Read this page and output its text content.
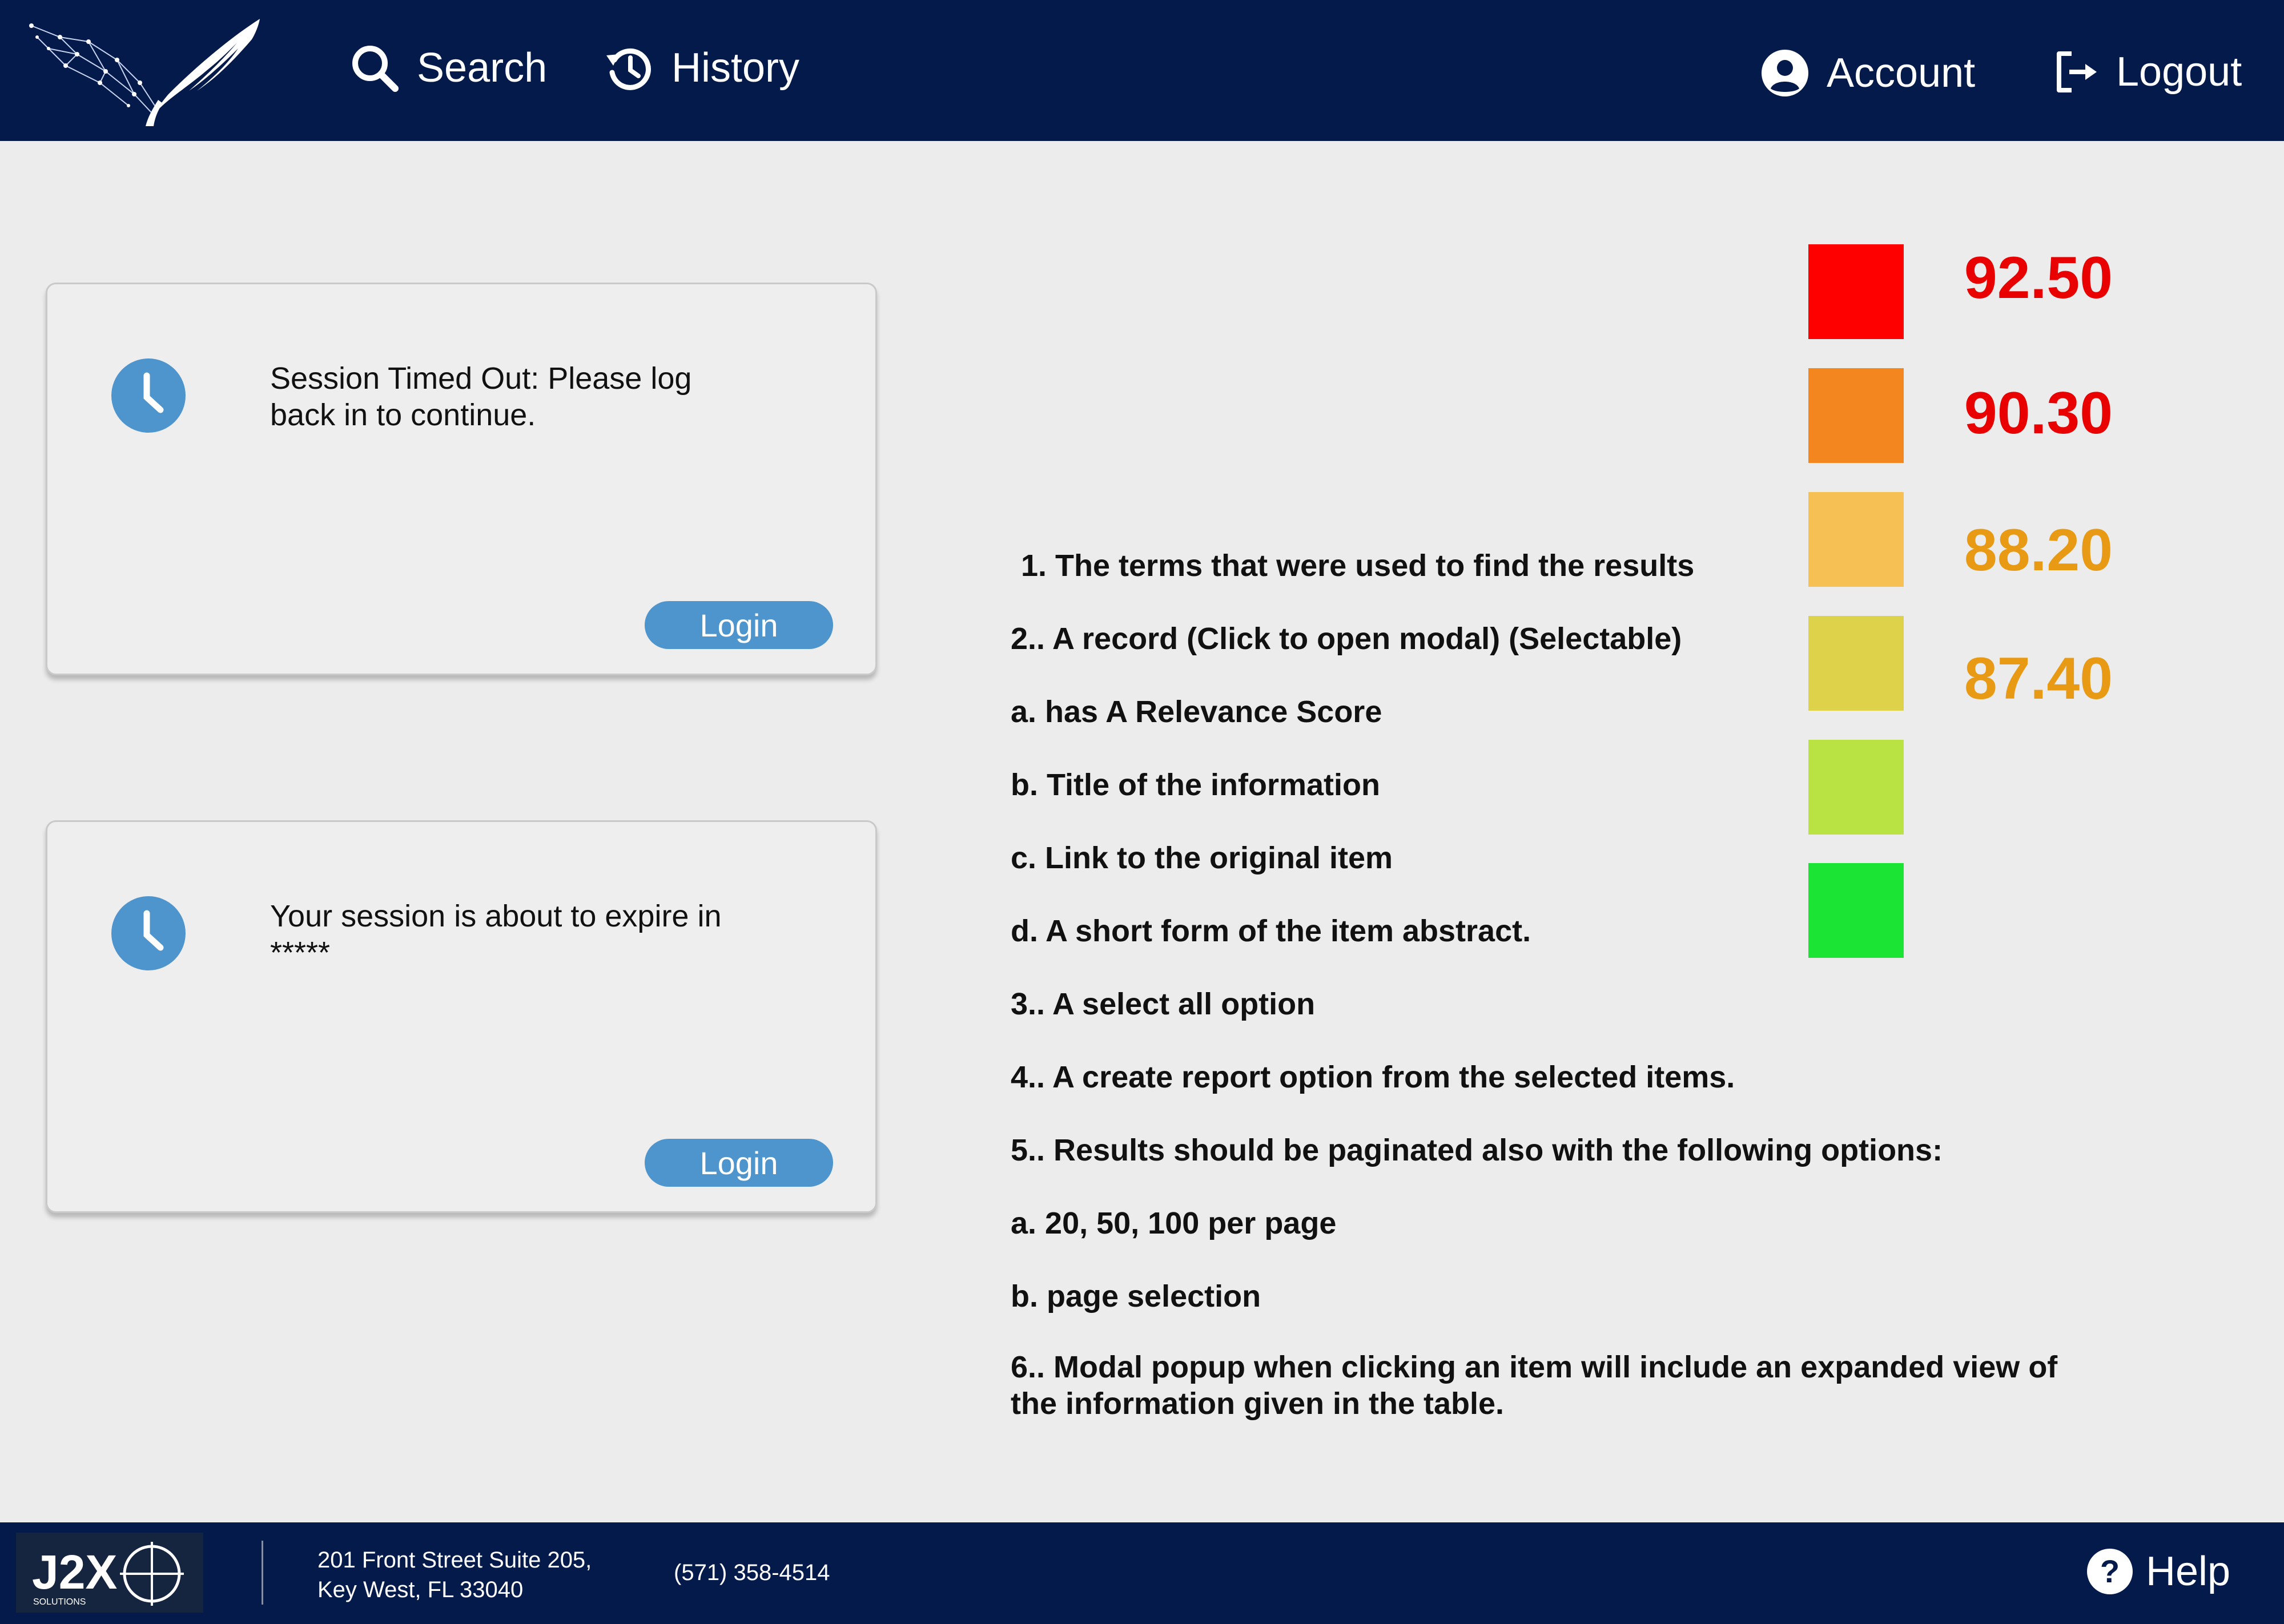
Search	History	Account	Logout
Session Timed Out: Please log
back in to continue.
Login
Your session is about to expire in
*****
Login
1. The terms that were used to find the results
2.. A record (Click to open modal) (Selectable)
a. has A Relevance Score
b. Title of the information
c. Link to the original item
d. A short form of the item abstract.
3.. A select all option
4.. A create report option from the selected items.
5.. Results should be paginated also with the following options:
a. 20, 50, 100 per page
b. page selection
6.. Modal popup when clicking an item will include an expanded view of the information given in the table.
92.50
90.30
88.20
87.40
J2X
SOLUTIONS
201 Front Street Suite 205,
Key West, FL 33040
(571) 358-4514	? Help
